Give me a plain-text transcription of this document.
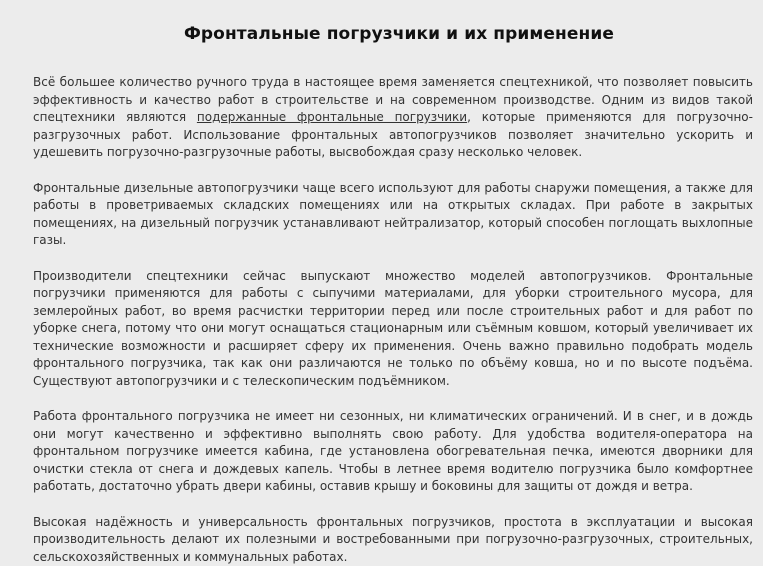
Фронтальные погрузчики и их применение

Всё большее количество ручного труда в настоящее время заменяется спецтехникой, что позволяет повысить эффективность и качество работ в строительстве и на современном производстве. Одним из видов такой спецтехники являются подержанные фронтальные погрузчики, которые применяются для погрузочно-разгрузочных работ. Использование фронтальных автопогрузчиков позволяет значительно ускорить и удешевить погрузочно-разгрузочные работы, высвобождая сразу несколько человек.

Фронтальные дизельные автопогрузчики чаще всего используют для работы снаружи помещения, а также для работы в проветриваемых складских помещениях или на открытых складах. При работе в закрытых помещениях, на дизельный погрузчик устанавливают нейтрализатор, который способен поглощать выхлопные газы.

Производители спецтехники сейчас выпускают множество моделей автопогрузчиков. Фронтальные погрузчики применяются для работы с сыпучими материалами, для уборки строительного мусора, для землеройных работ, во время расчистки территории перед или после строительных работ и для работ по уборке снега, потому что они могут оснащаться стационарным или съёмным ковшом, который увеличивает их технические возможности и расширяет сферу их применения. Очень важно правильно подобрать модель фронтального погрузчика, так как они различаются не только по объёму ковша, но и по высоте подъёма. Существуют автопогрузчики и с телескопическим подъёмником.

Работа фронтального погрузчика не имеет ни сезонных, ни климатических ограничений. И в снег, и в дождь они могут качественно и эффективно выполнять свою работу. Для удобства водителя-оператора на фронтальном погрузчике имеется кабина, где установлена обогревательная печка, имеются дворники для очистки стекла от снега и дождевых капель. Чтобы в летнее время водителю погрузчика было комфортнее работать, достаточно убрать двери кабины, оставив крышу и боковины для защиты от дождя и ветра.

Высокая надёжность и универсальность фронтальных погрузчиков, простота в эксплуатации и высокая производительность делают их полезными и востребованными при погрузочно-разгрузочных, строительных, сельскохозяйственных и коммунальных работах.
